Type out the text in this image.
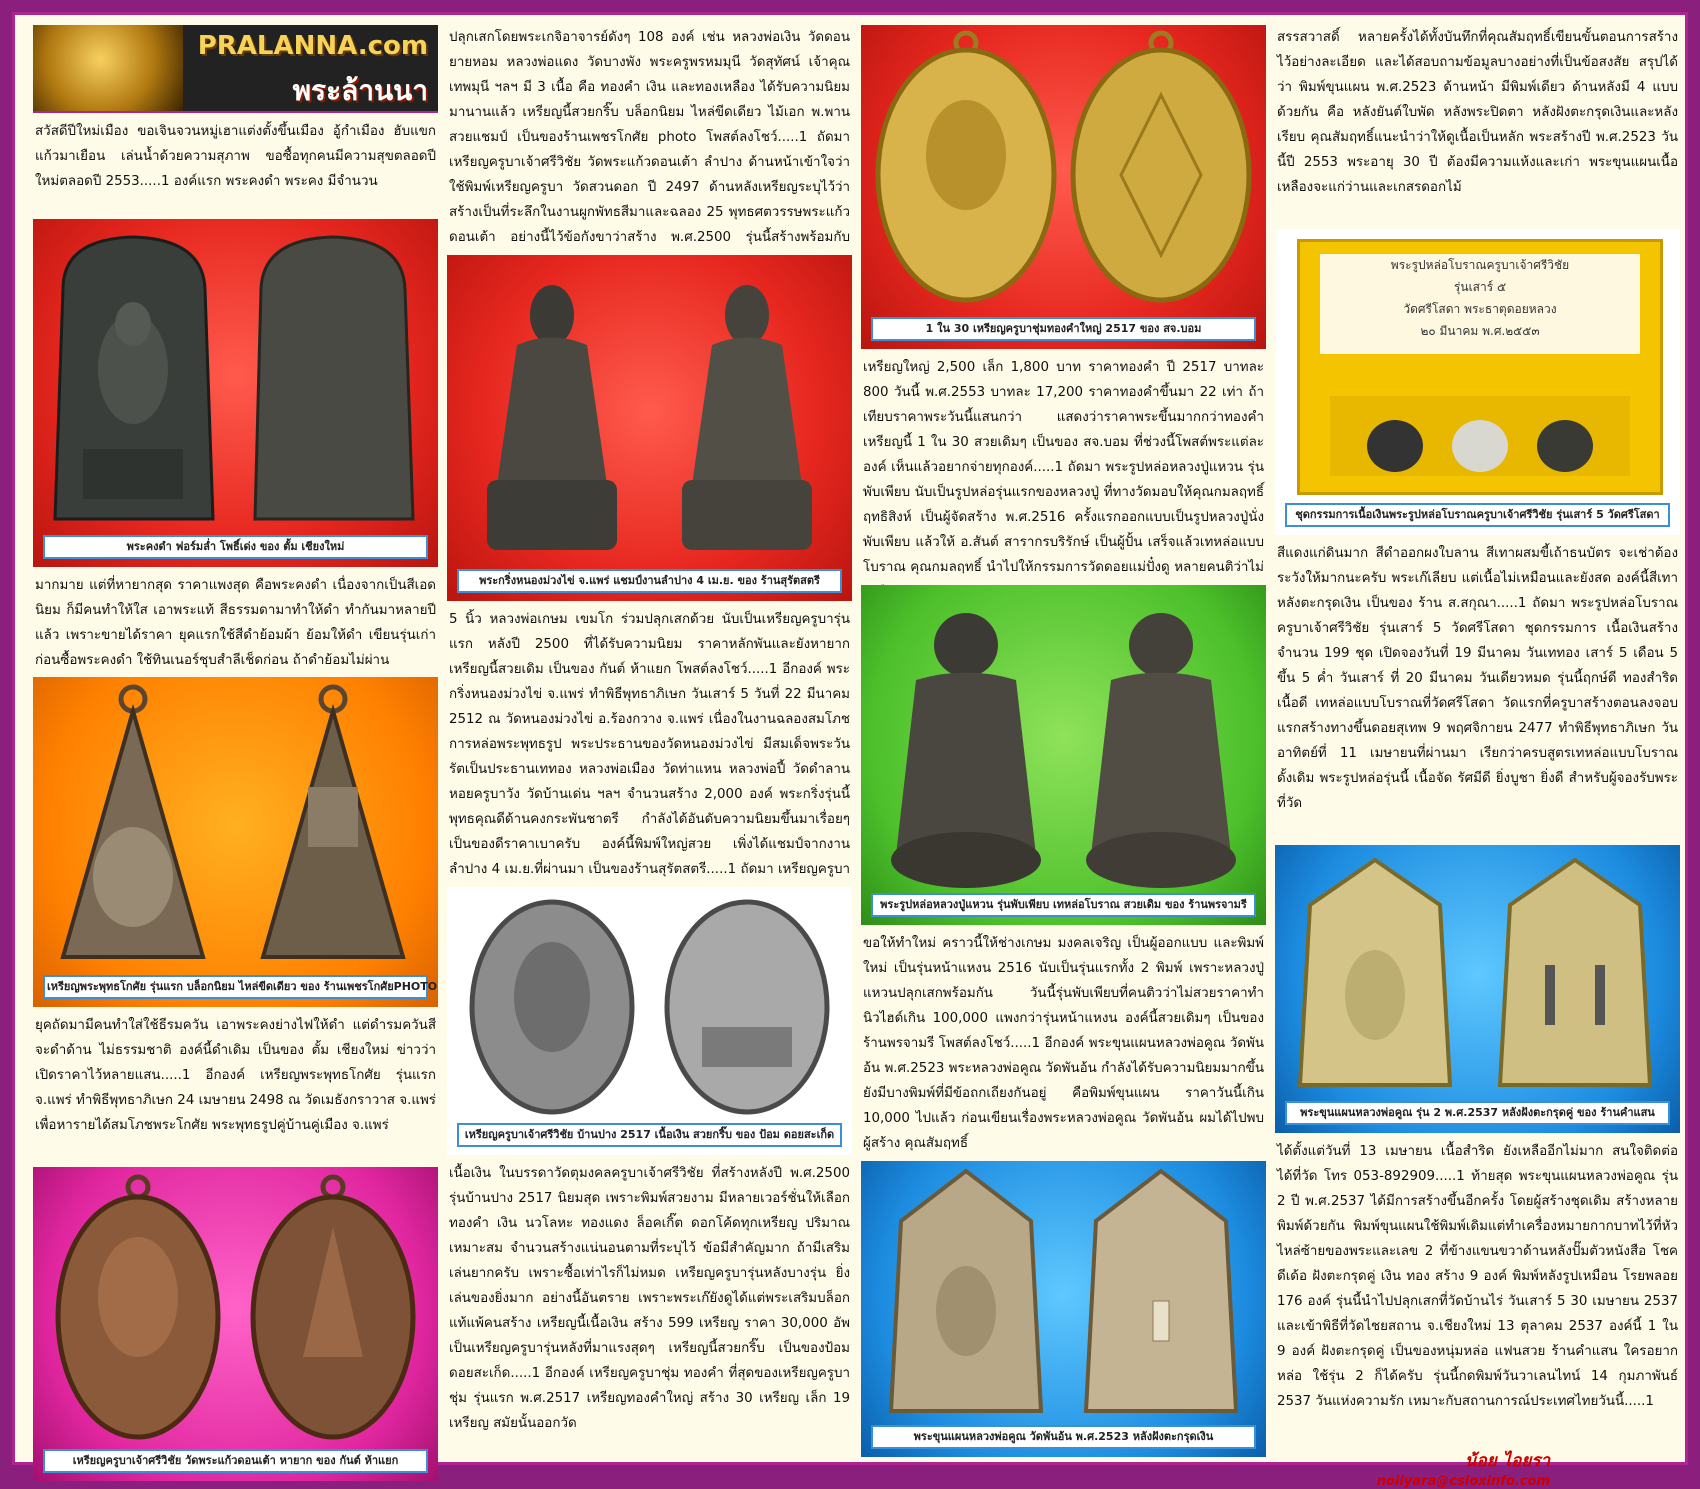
PRALANNA.com
พระล้านนา

สวัสดีปีใหม่เมือง ขอเจินจวนหมู่เฮาแต่งตั้งขึ้นเมือง อู้กำเมือง ฮับแขกแก้วมาเยือน เล่นน้ำด้วยความสุภาพ ขอซื้อทุกคนมีความสุขตลอดปีใหม่ตลอดปี 2553.....1 องค์แรก พระคงดำ พระคง มีจำนวน

พระคงดำ ฟอร์มล่ำ โพธิ์เด่ง ของ ตั้ม เชียงใหม่

มากมาย แต่ที่หายากสุด ราคาแพงสุด คือพระคงดำ เนื่องจากเป็นสีเอดนิยม ก็มีคนทำให้ใส เอาพระแท้ สีธรรมดามาทำให้ดำ ทำกันมาหลายปีแล้ว เพราะขายได้ราคา ยุคแรกใช้สีดำย้อมผ้า ย้อมให้ดำ เขียนรุ่นเก่าก่อนซื้อพระคงดำ ใช้ทินเนอร์ชุบสำลีเช็ดก่อน ถ้าดำย้อมไม่ผ่าน

เหรียญพระพุทธโกศัย รุ่นแรก บล็อกนิยม ไหล่ขีดเดียว ของ ร้านเพชรโกศัยPHOTO

ยุคถัดมามีคนทำใส่ใช้ธีรมควัน เอาพระคงย่างไฟให้ดำ แต่ดำรมควันสีจะดำด้าน ไม่ธรรมชาติ องค์นี้ดำเดิม เป็นของ ตั้ม เชียงใหม่ ข่าวว่าเปิดราคาไว้หลายแสน.....1 อีกองค์ เหรียญพระพุทธโกศัย รุ่นแรก จ.แพร่ ทำพิธีพุทธาภิเษก 24 เมษายน 2498 ณ วัดเมธังกราวาส จ.แพร่ เพื่อหารายได้สมโภชพระโกศัย พระพุทธรูปคู่บ้านคู่เมือง จ.แพร่

เหรียญครูบาเจ้าศรีวิชัย วัดพระแก้วดอนเต้า หายาก ของ กันต์ ห้าแยก

ปลุกเสกโดยพระเกจิอาจารย์ดังๆ 108 องค์ เช่น หลวงพ่อเงิน วัดดอนยายหอม หลวงพ่อแดง วัดบางพัง พระครูพรหมมุนี วัดสุทัศน์ เจ้าคุณเทพมุนี ฯลฯ มี 3 เนื้อ คือ ทองคำ เงิน และทองเหลือง ได้รับความนิยมมานานแล้ว เหรียญนี้สวยกริ๊บ บล็อกนิยม ไหล่ขีดเดียว ไม้เอก พ.พาน สวยแชมป์ เป็นของร้านเพชรโกศัย photo โพสต์ลงโชว์.....1 ถัดมา เหรียญครูบาเจ้าศรีวิชัย วัดพระแก้วดอนเต้า ลำปาง ด้านหน้าเข้าใจว่าใช้พิมพ์เหรียญครูบา วัดสวนดอก ปี 2497 ด้านหลังเหรียญระบุไว้ว่า สร้างเป็นที่ระลึกในงานผูกพัทธสีมาและฉลอง 25 พุทธศตวรรษพระแก้วดอนเต้า อย่างนี้ไว้ข้อกังขาว่าสร้าง พ.ศ.2500 รุ่นนี้สร้างพร้อมกับ

พระกริ่งหนองม่วงไข่ จ.แพร่ แชมป์งานลำปาง 4 เม.ย. ของ ร้านสุรัตสตรี

5 นิ้ว หลวงพ่อเกษม เขมโก ร่วมปลุกเสกด้วย นับเป็นเหรียญครูบารุ่นแรก หลังปี 2500 ที่ได้รับความนิยม ราคาหลักพันและยังหายาก เหรียญนี้สวยเดิม เป็นของ กันต์ ห้าแยก โพสต์ลงโชว์.....1 อีกองค์ พระกริ่งหนองม่วงไข่ จ.แพร่ ทำพิธีพุทธาภิเษก วันเสาร์ 5 วันที่ 22 มีนาคม 2512 ณ วัดหนองม่วงไข่ อ.ร้องกวาง จ.แพร่ เนื่องในงานฉลองสมโภชการหล่อพระพุทธรูป พระประธานของวัดหนองม่วงไข่ มีสมเด็จพระวันรัตเป็นประธานเททอง หลวงพ่อเมือง วัดท่าแหน หลวงพ่อปี้ วัดดำลานหอยครูบาวัง วัดบ้านเด่น ฯลฯ จำนวนสร้าง 2,000 องค์ พระกริ่งรุ่นนี้พุทธคุณดีด้านคงกระพันชาตรี กำลังได้อันดับความนิยมขึ้นมาเรื่อยๆ เป็นของดีราคาเบาครับ องค์นี้พิมพ์ใหญ่สวย เพิ่งได้แชมป์จากงานลำปาง 4 เม.ย.ที่ผ่านมา เป็นของร้านสุรัตสตรี.....1 ถัดมา เหรียญครูบา

เหรียญครูบาเจ้าศรีวิชัย บ้านปาง 2517 เนื้อเงิน สวยกริ๊บ ของ ป้อม ดอยสะเก็ด

เนื้อเงิน ในบรรดาวัดตุมงคลครูบาเจ้าศรีวิชัย ที่สร้างหลังปี พ.ศ.2500 รุ่นบ้านปาง 2517 นิยมสุด เพราะพิมพ์สวยงาม มีหลายเวอร์ชั่นให้เลือก ทองคำ เงิน นวโลหะ ทองแดง ล็อคเกิ๊ต ดอกโค้ดทุกเหรียญ ปริมาณเหมาะสม จำนวนสร้างแน่นอนตามที่ระบุไว้ ข้อมีสำคัญมาก ถ้ามีเสริมเล่นยากครับ เพราะซื้อเท่าไรก็ไม่หมด เหรียญครูบารุ่นหลังบางรุ่น ยิ่งเล่นของยิ่งมาก อย่างนี้อันตราย เพราะพระเก๊ยังดูได้แต่พระเสริมบล็อกแท้แพ้คนสร้าง เหรียญนี้เนื้อเงิน สร้าง 599 เหรียญ ราคา 30,000 อัพ เป็นเหรียญครูบารุ่นหลังที่มาแรงสุดๆ เหรียญนี้สวยกริ๊บ เป็นของป้อม ดอยสะเก็ด.....1 อีกองค์ เหรียญครูบาชุ่ม ทองคำ ที่สุดของเหรียญครูบาชุ่ม รุ่นแรก พ.ศ.2517 เหรียญทองคำใหญ่ สร้าง 30 เหรียญ เล็ก 19 เหรียญ สมัยนั้นออกวัด

1 ใน 30 เหรียญครูบาชุ่มทองคำใหญ่ 2517 ของ สจ.บอม

เหรียญใหญ่ 2,500 เล็ก 1,800 บาท ราคาทองคำ ปี 2517 บาทละ 800 วันนี้ พ.ศ.2553 บาทละ 17,200 ราคาทองคำขึ้นมา 22 เท่า ถ้าเทียบราคาพระวันนี้แสนกว่า แสดงว่าราคาพระขึ้นมากกว่าทองคำ เหรียญนี้ 1 ใน 30 สวยเดิมๆ เป็นของ สจ.บอม ที่ช่วงนี้โพสต์พระแต่ละองค์ เห็นแล้วอยากจ่ายทุกองค์.....1 ถัดมา พระรูปหล่อหลวงปู่แหวน รุ่นพับเพียบ นับเป็นรูปหล่อรุ่นแรกของหลวงปู่ ที่ทางวัดมอบให้คุณกมลฤทธิ์ ฤทธิสิงห์ เป็นผู้จัดสร้าง พ.ศ.2516 ครั้งแรกออกแบบเป็นรูปหลวงปู่นั่งพับเพียบ แล้วให้ อ.สันต์ สารากรบริรักษ์ เป็นผู้ปั้น เสร็จแล้วเทหล่อแบบโบราณ คุณกมลฤทธิ์ นำไปให้กรรมการวัดดอยแม่ปั๋งดู หลายคนติว่าไม่

พระรูปหล่อหลวงปู่แหวน รุ่นพับเพียบ เทหล่อโบราณ สวยเดิม ของ ร้านพรจามรี

ขอให้ทำใหม่ คราวนี้ให้ช่างเกษม มงคลเจริญ เป็นผู้ออกแบบ และพิมพ์ใหม่ เป็นรุ่นหน้าแหงน 2516 นับเป็นรุ่นแรกทั้ง 2 พิมพ์ เพราะหลวงปู่แหวนปลุกเสกพร้อมกัน วันนี้รุ่นพับเพียบที่คนติวว่าไม่สวยราคาทำนิวไฮด์เกิน 100,000 แพงกว่ารุ่นหน้าแหงน องค์นี้สวยเดิมๆ เป็นของร้านพรจามรี โพสต์ลงโชว์.....1 อีกองค์ พระขุนแผนหลวงพ่อคูณ วัดพันอ้น พ.ศ.2523 พระหลวงพ่อคูณ วัดพันอ้น กำลังได้รับความนิยมมากขึ้น ยังมีบางพิมพ์ที่มีข้อถกเถียงกันอยู่ คือพิมพ์ขุนแผน ราคาวันนี้เกิน 10,000 ไปแล้ว ก่อนเขียนเรื่องพระหลวงพ่อคูณ วัดพันอ้น ผมได้ไปพบผู้สร้าง คุณสัมฤทธิ์

พระขุนแผนหลวงพ่อคูณ วัดพันอ้น พ.ศ.2523 หลังฝังตะกรุดเงิน

สรรสวาสดิ์ หลายครั้งได้ทั้งบันทึกที่คุณสัมฤทธิ์เขียนขั้นตอนการสร้างไว้อย่างละเอียด และได้สอบถามข้อมูลบางอย่างที่เป็นข้อสงสัย สรุปได้ว่า พิมพ์ขุนแผน พ.ศ.2523 ด้านหน้า มีพิมพ์เดียว ด้านหลังมี 4 แบบด้วยกัน คือ หลังยันต์ใบพัด หลังพระปิดตา หลังฝังตะกรุดเงินและหลังเรียบ คุณสัมฤทธิ์แนะนำว่าให้ดูเนื้อเป็นหลัก พระสร้างปี พ.ศ.2523 วันนี้ปี 2553 พระอายุ 30 ปี ต้องมีความแห้งและเก่า พระขุนแผนเนื้อเหลืองจะแก่ว่านและเกสรดอกไม้

พระรูปหล่อโบราณครูบาเจ้าศรีวิชัย
รุ่นเสาร์ ๕
วัดศรีโสดา พระธาตุดอยหลวง
๒๐ มีนาคม พ.ศ.๒๕๕๓
ชุดกรรมการเนื้อเงินพระรูปหล่อโบราณครูบาเจ้าศรีวิชัย รุ่นเสาร์ 5 วัดศรีโสดา

สีแดงแก่ดินมาก สีดำออกผงใบลาน สีเทาผสมขี้เถ้าธนบัตร จะเช่าต้องระวังให้มากนะครับ พระเก๊เลียบ แต่เนื้อไม่เหมือนและยังสด องค์นี้สีเทา หลังตะกรุดเงิน เป็นของ ร้าน ส.สกุณา.....1 ถัดมา พระรูปหล่อโบราณครูบาเจ้าศรีวิชัย รุ่นเสาร์ 5 วัดศรีโสดา ชุดกรรมการ เนื้อเงินสร้างจำนวน 199 ชุด เปิดจองวันที่ 19 มีนาคม วันเททอง เสาร์ 5 เดือน 5 ขึ้น 5 ค่ำ วันเสาร์ ที่ 20 มีนาคม วันเดียวหมด รุ่นนี้ฤกษ์ดี ทองสำริดเนื้อดี เทหล่อแบบโบราณที่วัดศรีโสดา วัดแรกที่ครูบาสร้างตอนลงจอบแรกสร้างทางขึ้นดอยสุเทพ 9 พฤศจิกายน 2477 ทำพิธีพุทธาภิเษก วันอาทิตย์ที่ 11 เมษายนที่ผ่านมา เรียกว่าครบสูตรเทหล่อแบบโบราณดั้งเดิม พระรูปหล่อรุ่นนี้ เนื้อจัด รัศมีดี ยิ่งบูชา ยิ่งดี สำหรับผู้จองรับพระที่วัด

พระขุนแผนหลวงพ่อคูณ รุ่น 2 พ.ศ.2537 หลังฝังตะกรุดคู่ ของ ร้านคำแสน

ได้ตั้งแต่วันที่ 13 เมษายน เนื้อสำริด ยังเหลืออีกไม่มาก สนใจติดต่อได้ที่วัด โทร 053-892909.....1 ท้ายสุด พระขุนแผนหลวงพ่อคูณ รุ่น 2 ปี พ.ศ.2537 ได้มีการสร้างขึ้นอีกครั้ง โดยผู้สร้างชุดเดิม สร้างหลายพิมพ์ด้วยกัน พิมพ์ขุนแผนใช้พิมพ์เดิมแต่ทำเครื่องหมายกากบาทไว้ที่หัวไหล่ซ้ายของพระและเลข 2 ที่ข้างแขนขวาด้านหลังปั๊มตัวหนังสือ โชคดีเด้อ ฝังตะกรุดคู่ เงิน ทอง สร้าง 9 องค์ พิมพ์หลังรูปเหมือน โรยพลอย 176 องค์ รุ่นนี้นำไปปลุกเสกที่วัดบ้านไร่ วันเสาร์ 5 30 เมษายน 2537 และเข้าพิธีที่วัดไชยสถาน จ.เชียงใหม่ 13 ตุลาคม 2537 องค์นี้ 1 ใน 9 องค์ ฝังตะกรุดคู่ เป็นของหนุ่มหล่อ แฟนสวย ร้านคำแสน ใครอยากหล่อ ใช้รุ่น 2 ก็ได้ครับ รุ่นนี้กดพิมพ์วันวาเลนไทน์ 14 กุมภาพันธ์ 2537 วันแห่งความรัก เหมาะกับสถานการณ์ประเทศไทยวันนี้.....1

น้อย ไอยรา
noiiyara@csloxinfo.com
